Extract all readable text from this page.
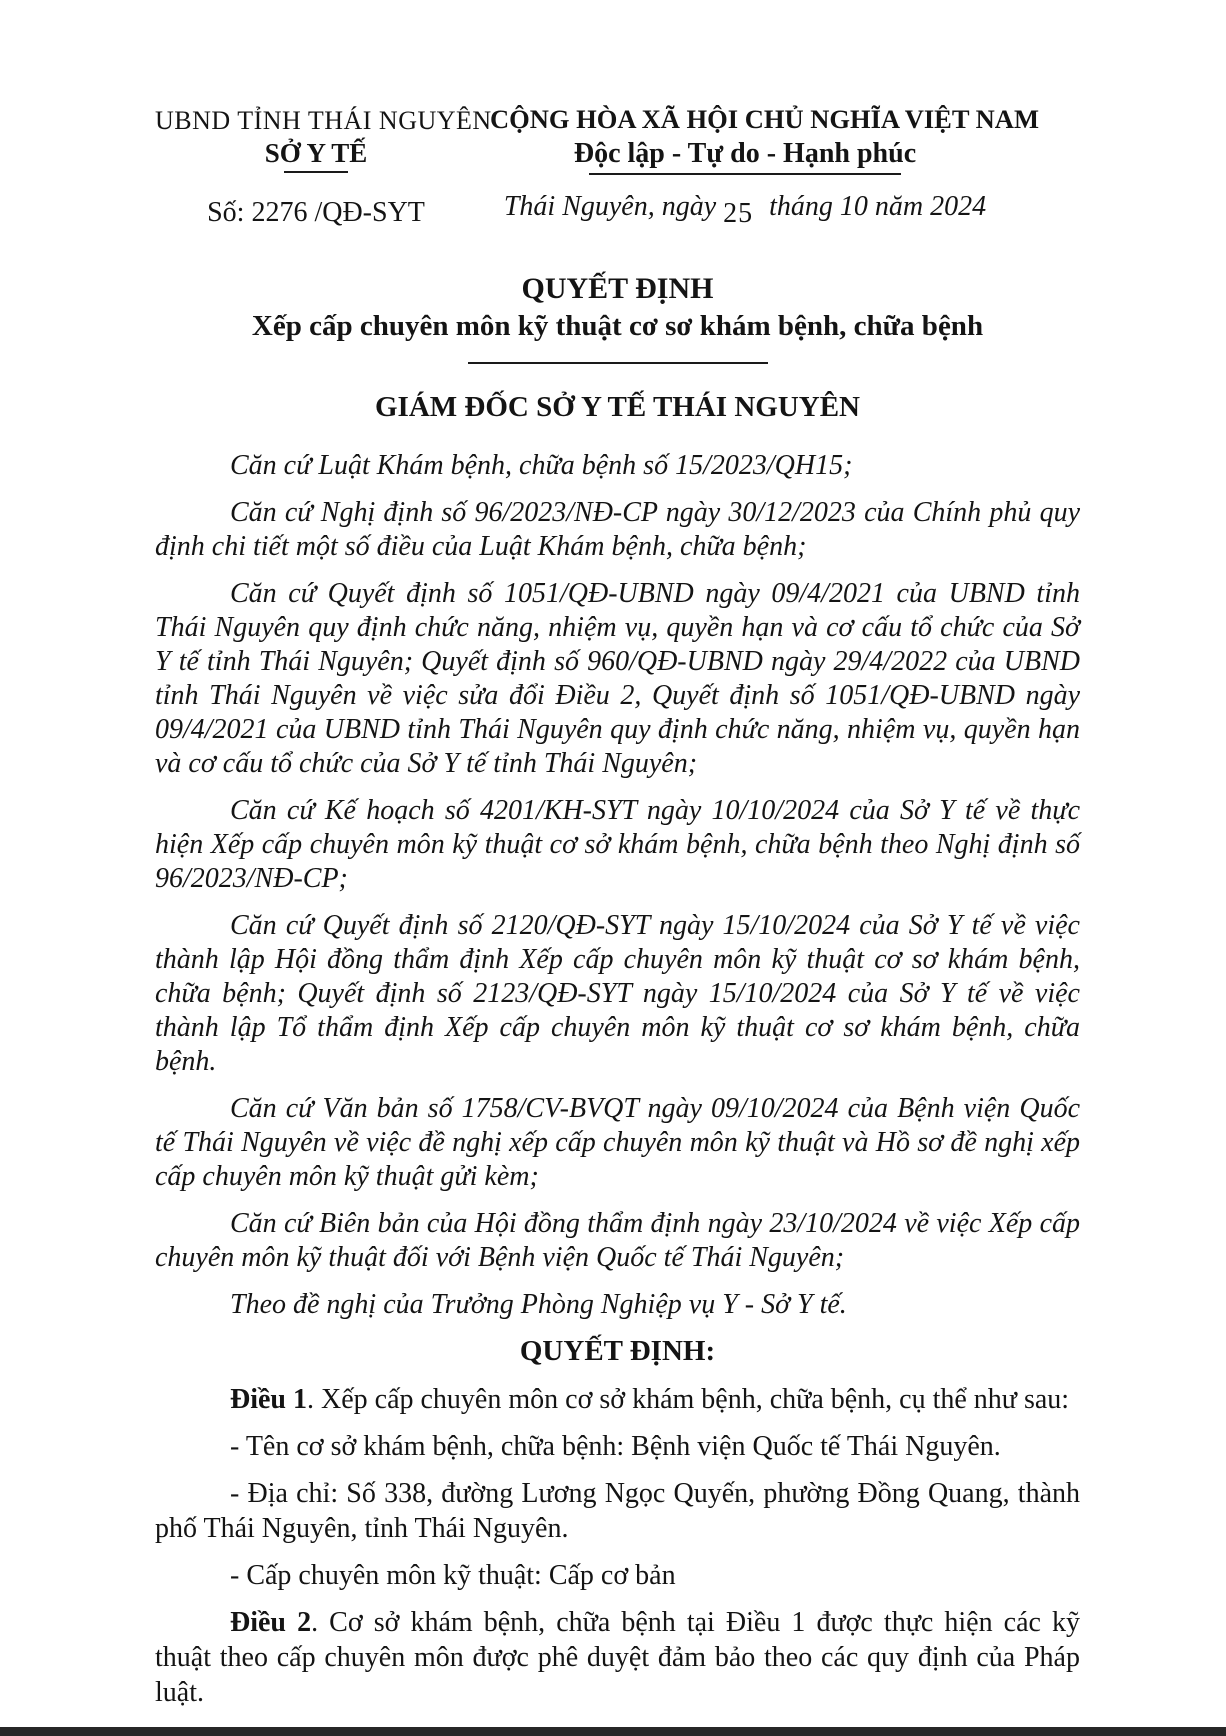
UBND TỈNH THÁI NGUYÊN
SỞ Y TẾ
Số: 2276 /QĐ-SYT
CỘNG HÒA XÃ HỘI CHỦ NGHĨA VIỆT NAM
Độc lập - Tự do - Hạnh phúc
Thái Nguyên, ngày 25 tháng 10 năm 2024
QUYẾT ĐỊNH
Xếp cấp chuyên môn kỹ thuật cơ sơ khám bệnh, chữa bệnh
GIÁM ĐỐC SỞ Y TẾ THÁI NGUYÊN

Căn cứ Luật Khám bệnh, chữa bệnh số 15/2023/QH15;

Căn cứ Nghị định số 96/2023/NĐ-CP ngày 30/12/2023 của Chính phủ quy định chi tiết một số điều của Luật Khám bệnh, chữa bệnh;

Căn cứ Quyết định số 1051/QĐ-UBND ngày 09/4/2021 của UBND tỉnh Thái Nguyên quy định chức năng, nhiệm vụ, quyền hạn và cơ cấu tổ chức của Sở Y tế tỉnh Thái Nguyên; Quyết định số 960/QĐ-UBND ngày 29/4/2022 của UBND tỉnh Thái Nguyên về việc sửa đổi Điều 2, Quyết định số 1051/QĐ-UBND ngày 09/4/2021 của UBND tỉnh Thái Nguyên quy định chức năng, nhiệm vụ, quyền hạn và cơ cấu tổ chức của Sở Y tế tỉnh Thái Nguyên;

Căn cứ Kế hoạch số 4201/KH-SYT ngày 10/10/2024 của Sở Y tế về thực hiện Xếp cấp chuyên môn kỹ thuật cơ sở khám bệnh, chữa bệnh theo Nghị định số 96/2023/NĐ-CP;

Căn cứ Quyết định số 2120/QĐ-SYT ngày 15/10/2024 của Sở Y tế về việc thành lập Hội đồng thẩm định Xếp cấp chuyên môn kỹ thuật cơ sơ khám bệnh, chữa bệnh; Quyết định số 2123/QĐ-SYT ngày 15/10/2024 của Sở Y tế về việc thành lập Tổ thẩm định Xếp cấp chuyên môn kỹ thuật cơ sơ khám bệnh, chữa bệnh.

Căn cứ Văn bản số 1758/CV-BVQT ngày 09/10/2024 của Bệnh viện Quốc tế Thái Nguyên về việc đề nghị xếp cấp chuyên môn kỹ thuật và Hồ sơ đề nghị xếp cấp chuyên môn kỹ thuật gửi kèm;

Căn cứ Biên bản của Hội đồng thẩm định ngày 23/10/2024 về việc Xếp cấp chuyên môn kỹ thuật đối với Bệnh viện Quốc tế Thái Nguyên;

Theo đề nghị của Trưởng Phòng Nghiệp vụ Y - Sở Y tế.

QUYẾT ĐỊNH:

Điều 1. Xếp cấp chuyên môn cơ sở khám bệnh, chữa bệnh, cụ thể như sau:

- Tên cơ sở khám bệnh, chữa bệnh: Bệnh viện Quốc tế Thái Nguyên.

- Địa chỉ: Số 338, đường Lương Ngọc Quyến, phường Đồng Quang, thành phố Thái Nguyên, tỉnh Thái Nguyên.

- Cấp chuyên môn kỹ thuật: Cấp cơ bản

Điều 2. Cơ sở khám bệnh, chữa bệnh tại Điều 1 được thực hiện các kỹ thuật theo cấp chuyên môn được phê duyệt đảm bảo theo các quy định của Pháp luật.
